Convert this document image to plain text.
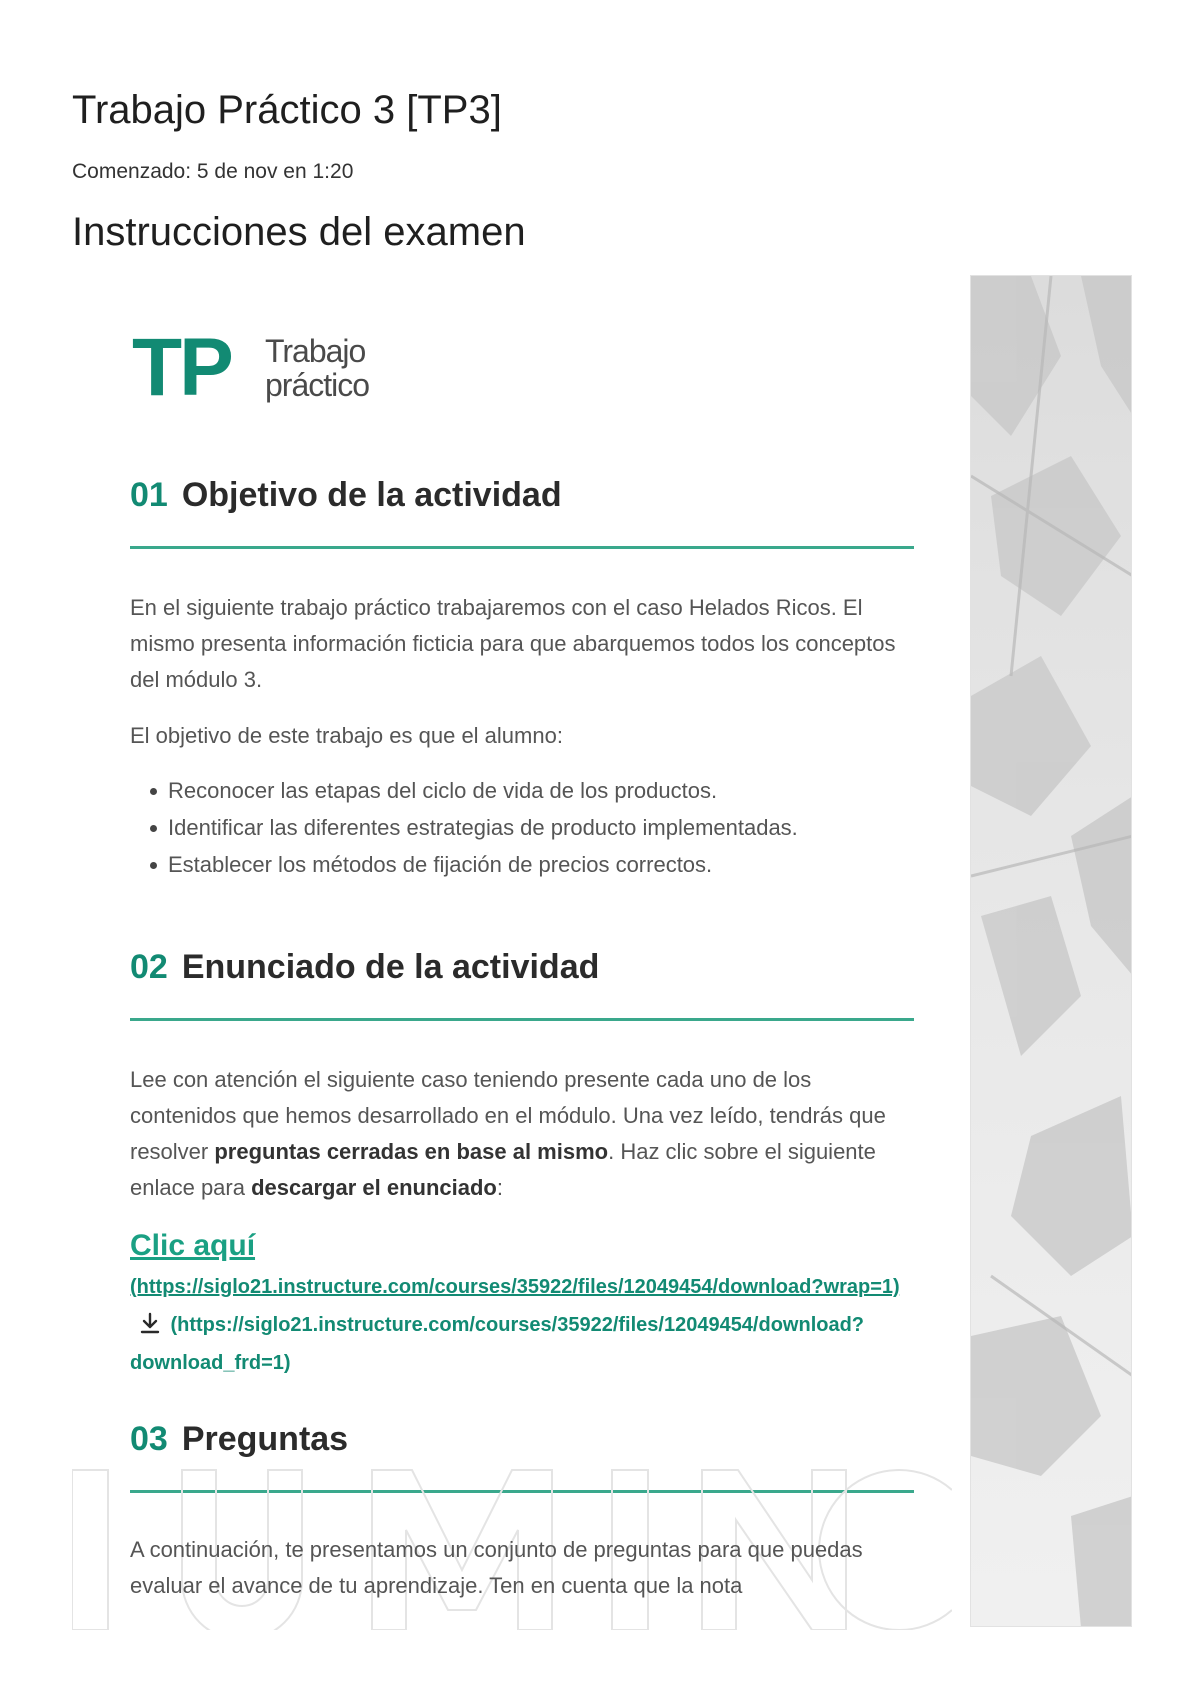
Trabajo Práctico 3 [TP3]
Comenzado: 5 de nov en 1:20
Instrucciones del examen
TP Trabajo
práctico
01 Objetivo de la actividad

En el siguiente trabajo práctico trabajaremos con el caso Helados Ricos. El mismo presenta información ficticia para que abarquemos todos los conceptos del módulo 3.

El objetivo de este trabajo es que el alumno:

Reconocer las etapas del ciclo de vida de los productos.
Identificar las diferentes estrategias de producto implementadas.
Establecer los métodos de fijación de precios correctos.
02 Enunciado de la actividad

Lee con atención el siguiente caso teniendo presente cada uno de los contenidos que hemos desarrollado en el módulo. Una vez leído, tendrás que resolver preguntas cerradas en base al mismo. Haz clic sobre el siguiente enlace para descargar el enunciado:

Clic aquí (https://siglo21.instructure.com/courses/35922/files/12049454/download?wrap=1)  (https://siglo21.instructure.com/courses/35922/files/12049454/download?download_frd=1)
03 Preguntas

A continuación, te presentamos un conjunto de preguntas para que puedas evaluar el avance de tu aprendizaje. Ten en cuenta que la nota
